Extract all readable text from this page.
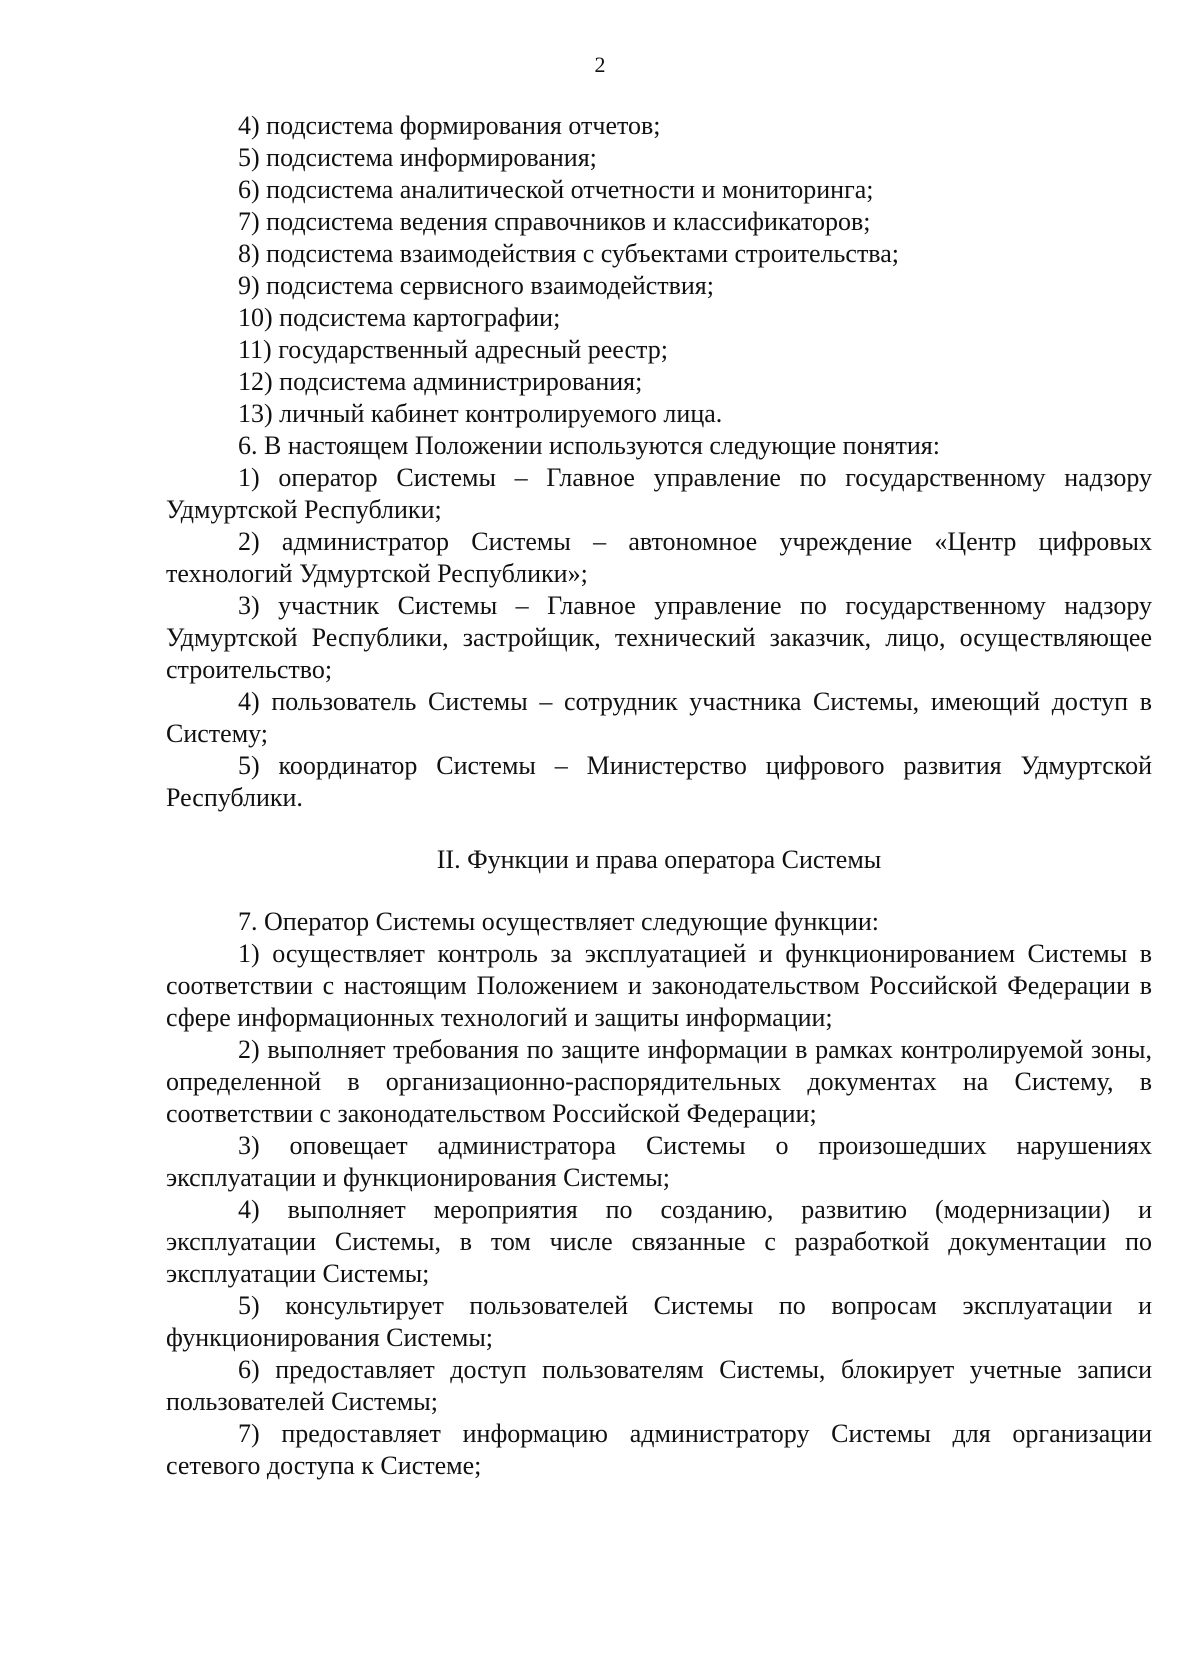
2

4) подсистема формирования отчетов;

5) подсистема информирования;

6) подсистема аналитической отчетности и мониторинга;

7) подсистема ведения справочников и классификаторов;

8) подсистема взаимодействия с субъектами строительства;

9) подсистема сервисного взаимодействия;

10) подсистема картографии;

11) государственный адресный реестр;

12) подсистема администрирования;

13) личный кабинет контролируемого лица.

6. В настоящем Положении используются следующие понятия:

1) оператор Системы – Главное управление по государственному надзору Удмуртской Республики;

2) администратор Системы – автономное учреждение «Центр цифровых технологий Удмуртской Республики»;

3) участник Системы – Главное управление по государственному надзору Удмуртской Республики, застройщик, технический заказчик, лицо, осуществляющее строительство;

4) пользователь Системы – сотрудник участника Системы, имеющий доступ в Систему;

5) координатор Системы – Министерство цифрового развития Удмуртской Республики.

II. Функции и права оператора Системы

7. Оператор Системы осуществляет следующие функции:

1) осуществляет контроль за эксплуатацией и функционированием Системы в соответствии с настоящим Положением и законодательством Российской Федерации в сфере информационных технологий и защиты информации;

2) выполняет требования по защите информации в рамках контролируемой зоны, определенной в организационно-распорядительных документах на Систему, в соответствии с законодательством Российской Федерации;

3) оповещает администратора Системы о произошедших нарушениях эксплуатации и функционирования Системы;

4) выполняет мероприятия по созданию, развитию (модернизации) и эксплуатации Системы, в том числе связанные с разработкой документации по эксплуатации Системы;

5) консультирует пользователей Системы по вопросам эксплуатации и функционирования Системы;

6) предоставляет доступ пользователям Системы, блокирует учетные записи пользователей Системы;

7) предоставляет информацию администратору Системы для организации сетевого доступа к Системе;
